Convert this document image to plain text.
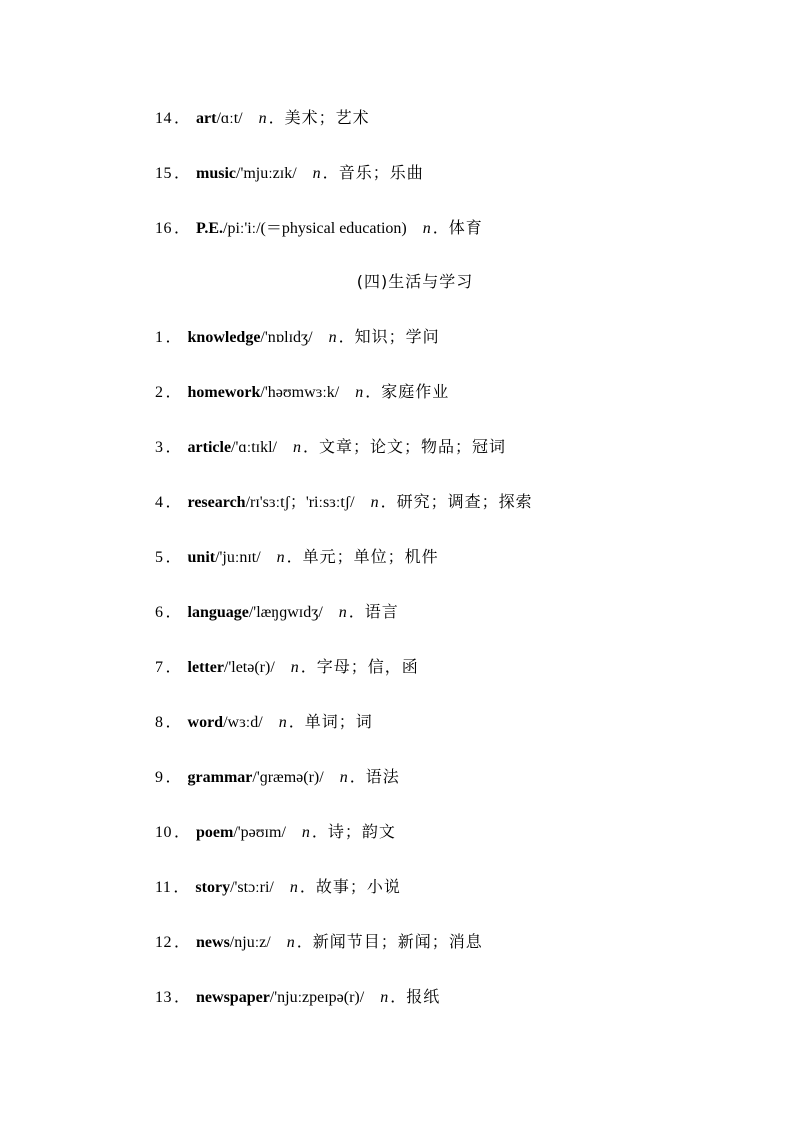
14 ． art/ɑːt/ n ．美术；艺术
15 ． music/'mjuːzɪk/ n ．音乐；乐曲
16 ． P.E./piː'iː/(＝physical education) n ．体育
(四)生活与学习
1 ． knowledge/'nɒlɪdʒ/ n ．知识；学问
2 ． homework/'həʊmwɜːk/ n ．家庭作业
3 ． article/'ɑːtɪkl/ n ．文章；论文；物品；冠词
4 ． research/rɪ'sɜːtʃ；'riːsɜːtʃ/ n ．研究；调查；探索
5 ． unit/'juːnɪt/ n ．单元；单位；机件
6 ． language/'læŋɡwɪdʒ/ n ．语言
7 ． letter/'letə(r)/ n ．字母；信，函
8 ． word/wɜːd/ n ．单词；词
9 ． grammar/'ɡræmə(r)/ n ．语法
10 ． poem/'pəʊɪm/ n ．诗；韵文
11 ． story/'stɔːri/ n ．故事；小说
12 ． news/njuːz/ n ．新闻节目；新闻；消息
13 ． newspaper/'njuːzpeɪpə(r)/ n ．报纸
